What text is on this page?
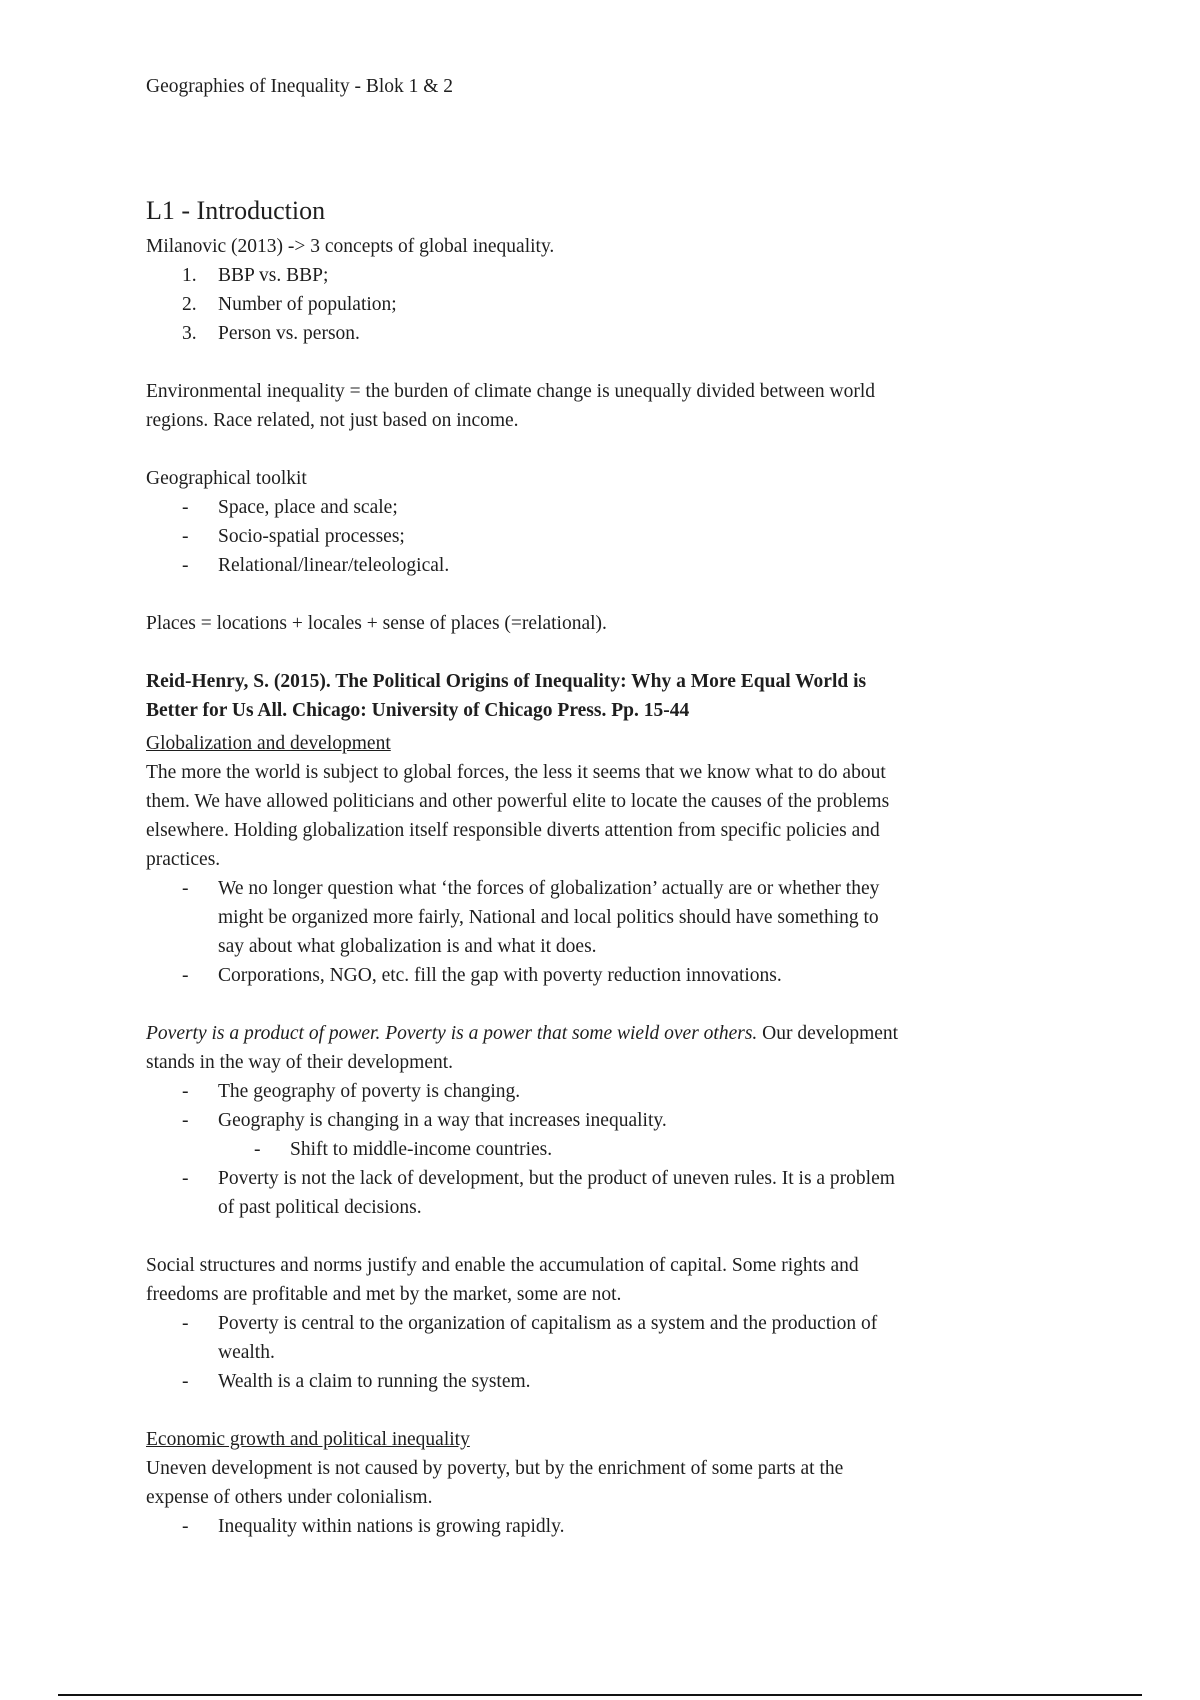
Geographies of Inequality - Blok 1 & 2

L1 - Introduction

Milanovic (2013) -> 3 concepts of global inequality.

1. BBP vs. BBP;
2. Number of population;
3. Person vs. person.

Environmental inequality = the burden of climate change is unequally divided between world regions. Race related, not just based on income.

Geographical toolkit

- Space, place and scale;
- Socio-spatial processes;
- Relational/linear/teleological.

Places = locations + locales + sense of places (=relational).

Reid-Henry, S. (2015). The Political Origins of Inequality: Why a More Equal World is Better for Us All. Chicago: University of Chicago Press. Pp. 15-44

Globalization and development

The more the world is subject to global forces, the less it seems that we know what to do about them. We have allowed politicians and other powerful elite to locate the causes of the problems elsewhere. Holding globalization itself responsible diverts attention from specific policies and practices.

- We no longer question what ‘the forces of globalization’ actually are or whether they might be organized more fairly, National and local politics should have something to say about what globalization is and what it does.
- Corporations, NGO, etc. fill the gap with poverty reduction innovations.

Poverty is a product of power. Poverty is a power that some wield over others. Our development stands in the way of their development.

- The geography of poverty is changing.
- Geography is changing in a way that increases inequality.
- Shift to middle-income countries.
- Poverty is not the lack of development, but the product of uneven rules. It is a problem of past political decisions.

Social structures and norms justify and enable the accumulation of capital. Some rights and freedoms are profitable and met by the market, some are not.

- Poverty is central to the organization of capitalism as a system and the production of wealth.
- Wealth is a claim to running the system.

Economic growth and political inequality

Uneven development is not caused by poverty, but by the enrichment of some parts at the expense of others under colonialism.

- Inequality within nations is growing rapidly.
